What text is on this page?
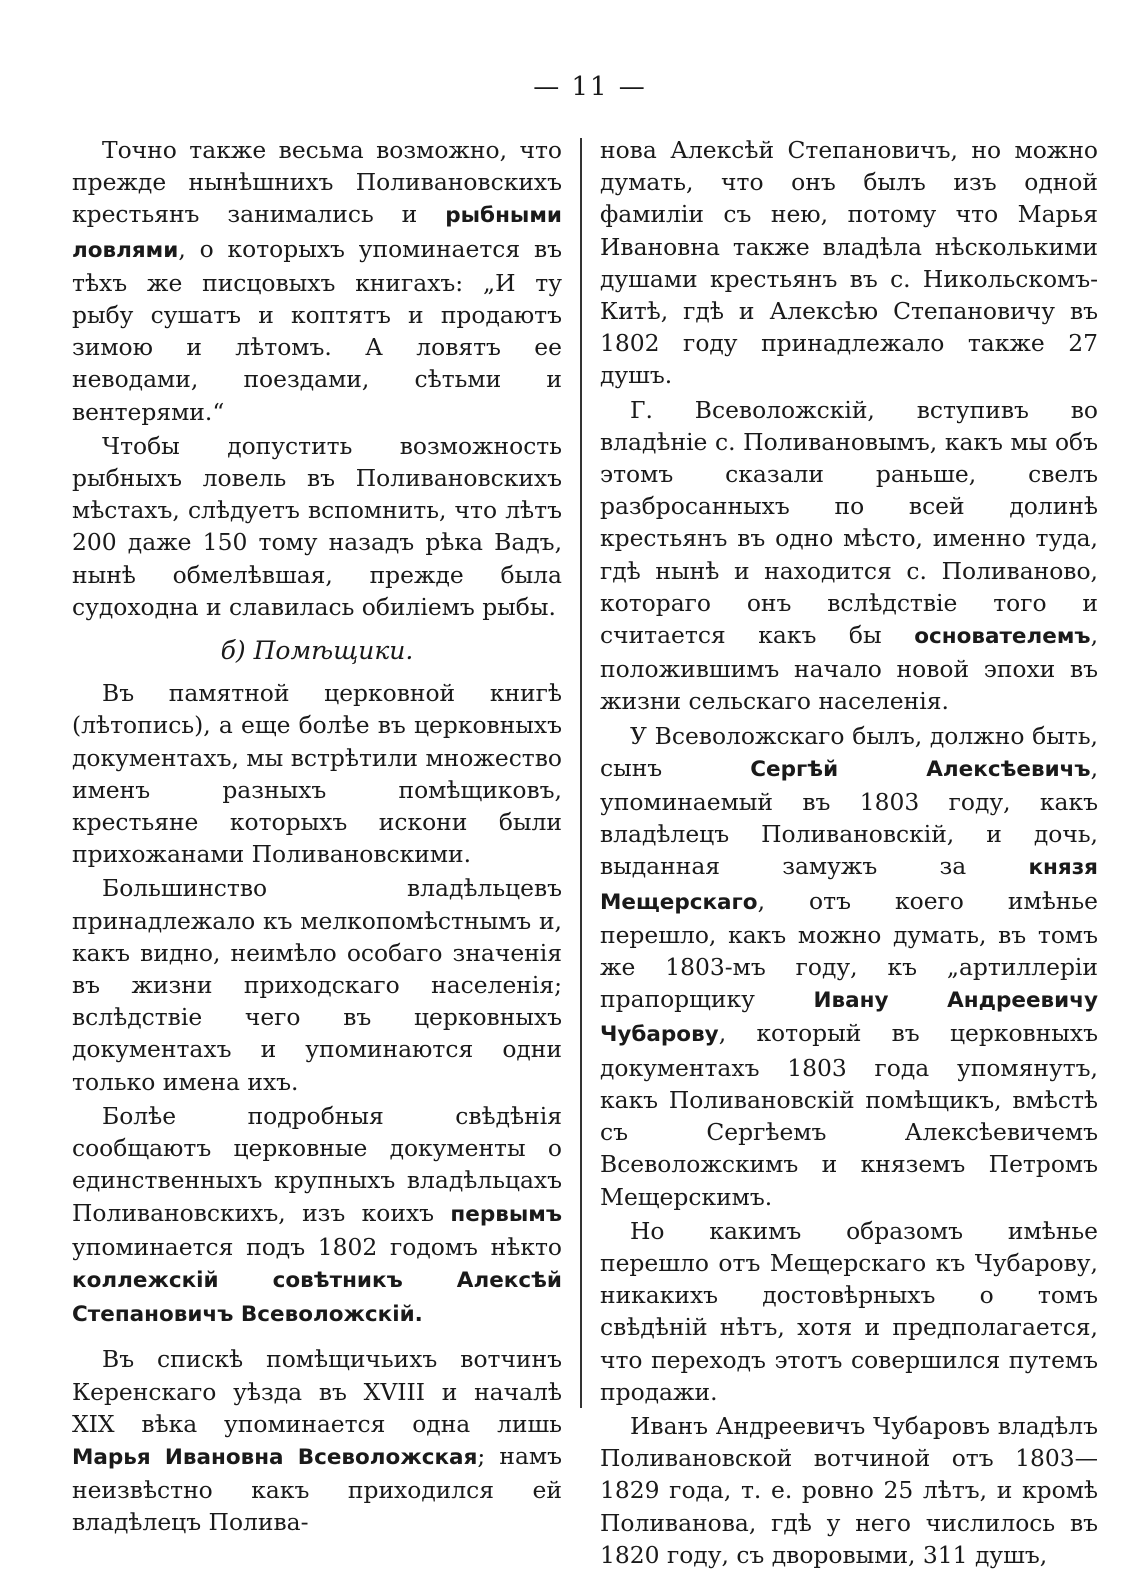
— 11 —

Точно также весьма возможно, что прежде нынѣшнихъ Поливановскихъ крестьянъ занимались и рыбными ловлями, о которыхъ упоминается въ тѣхъ же писцовыхъ книгахъ: „И ту рыбу сушатъ и коптятъ и продаютъ зимою и лѣтомъ. А ловятъ ее неводами, поездами, сѣтьми и вентерями.“

Чтобы допустить возможность рыбныхъ ловель въ Поливановскихъ мѣстахъ, слѣдуетъ вспомнить, что лѣтъ 200 даже 150 тому назадъ рѣка Вадъ, нынѣ обмелѣвшая, прежде была судоходна и славилась обиліемъ рыбы.

б) Помѣщики.

Въ памятной церковной книгѣ (лѣтопись), а еще болѣе въ церковныхъ документахъ, мы встрѣтили множество именъ разныхъ помѣщиковъ, крестьяне которыхъ искони были прихожанами Поливановскими.

Большинство владѣльцевъ принадлежало къ мелкопомѣстнымъ и, какъ видно, неимѣло особаго значенія въ жизни приходскаго населенія; вслѣдствіе чего въ церковныхъ документахъ и упоминаются одни только имена ихъ.

Болѣе подробныя свѣдѣнія сообщаютъ церковные документы о единственныхъ крупныхъ владѣльцахъ Поливановскихъ, изъ коихъ первымъ упоминается подъ 1802 годомъ нѣкто коллежскій совѣтникъ Алексѣй Степановичъ Всеволожскій.

Въ спискѣ помѣщичьихъ вотчинъ Керенскаго уѣзда въ XVIII и началѣ XIX вѣка упоминается одна лишь Марья Ивановна Всеволожская; намъ неизвѣстно какъ приходился ей владѣлецъ Полива-

нова Алексѣй Степановичъ, но можно думать, что онъ былъ изъ одной фамиліи съ нею, потому что Марья Ивановна также владѣла нѣсколькими душами крестьянъ въ с. Никольскомъ-Китѣ, гдѣ и Алексѣю Степановичу въ 1802 году принадлежало также 27 душъ.

Г. Всеволожскій, вступивъ во владѣніе с. Поливановымъ, какъ мы объ этомъ сказали раньше, свелъ разбросанныхъ по всей долинѣ крестьянъ въ одно мѣсто, именно туда, гдѣ нынѣ и находится с. Поливаново, котораго онъ вслѣдствіе того и считается какъ бы основателемъ, положившимъ начало новой эпохи въ жизни сельскаго населенія.

У Всеволожскаго былъ, должно быть, сынъ Сергѣй Алексѣевичъ, упоминаемый въ 1803 году, какъ владѣлецъ Поливановскій, и дочь, выданная замужъ за князя Мещерскаго, отъ коего имѣнье перешло, какъ можно думать, въ томъ же 1803-мъ году, къ „артиллеріи прапорщику Ивану Андреевичу Чубарову, который въ церковныхъ документахъ 1803 года упомянутъ, какъ Поливановскій помѣщикъ, вмѣстѣ съ Сергѣемъ Алексѣевичемъ Всеволожскимъ и княземъ Петромъ Мещерскимъ.

Но какимъ образомъ имѣнье перешло отъ Мещерскаго къ Чубарову, никакихъ достовѣрныхъ о томъ свѣдѣній нѣтъ, хотя и предполагается, что переходъ этотъ совершился путемъ продажи.

Иванъ Андреевичъ Чубаровъ владѣлъ Поливановской вотчиной отъ 1803—1829 года, т. е. ровно 25 лѣтъ, и кромѣ Поливанова, гдѣ у него числилось въ 1820 году, съ дворовыми, 311 душъ,
